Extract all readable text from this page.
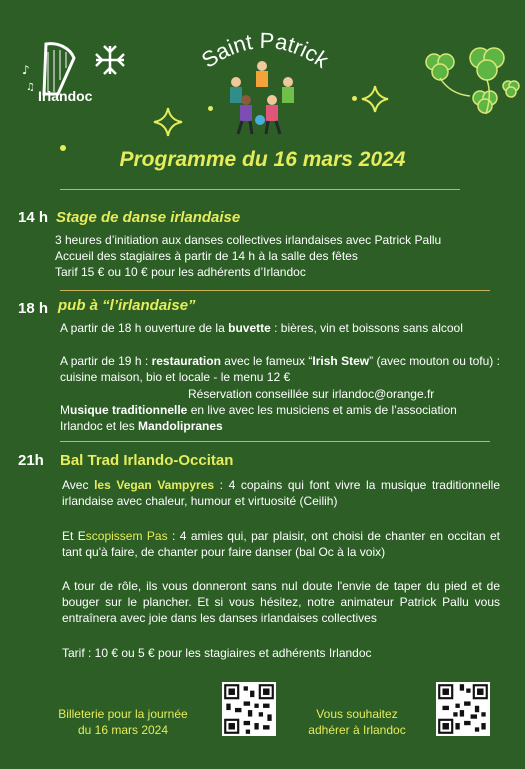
♪
♫
Irlandoc
Saint Patrick
Programme du 16 mars 2024
14 h Stage de danse irlandaise
3 heures d’initiation aux danses collectives irlandaises avec Patrick Pallu
Accueil des stagiaires à partir de 14 h à la salle des fêtes
Tarif 15 € ou 10 € pour les adhérents d’Irlandoc
18 h pub à “l’irlandaise”
A partir de 18 h ouverture de la buvette : bières, vin et boissons sans alcool
A partir de 19 h : restauration avec le fameux “Irish Stew” (avec mouton ou tofu) : cuisine maison, bio et locale - le menu 12 €
Réservation conseillée sur irlandoc@orange.fr
Musique traditionnelle en live avec les musiciens et amis de l’association Irlandoc et les Mandolipranes
21h Bal Trad Irlando-Occitan
Avec les Vegan Vampyres : 4 copains qui font vivre la musique traditionnelle irlandaise avec chaleur, humour et virtuosité (Ceilih)
Et Escopissem Pas : 4 amies qui, par plaisir, ont choisi de chanter en occitan et tant qu'à faire, de chanter pour faire danser (bal Oc à la voix)
A tour de rôle, ils vous donneront sans nul doute l'envie de taper du pied et de bouger sur le plancher. Et si vous hésitez, notre animateur Patrick Pallu vous entraînera avec joie dans les danses irlandaises collectives
Tarif : 10 € ou 5 € pour les stagiaires et adhérents Irlandoc
Billeterie pour la journée
du 16 mars 2024
Vous souhaitez
adhérer à Irlandoc
